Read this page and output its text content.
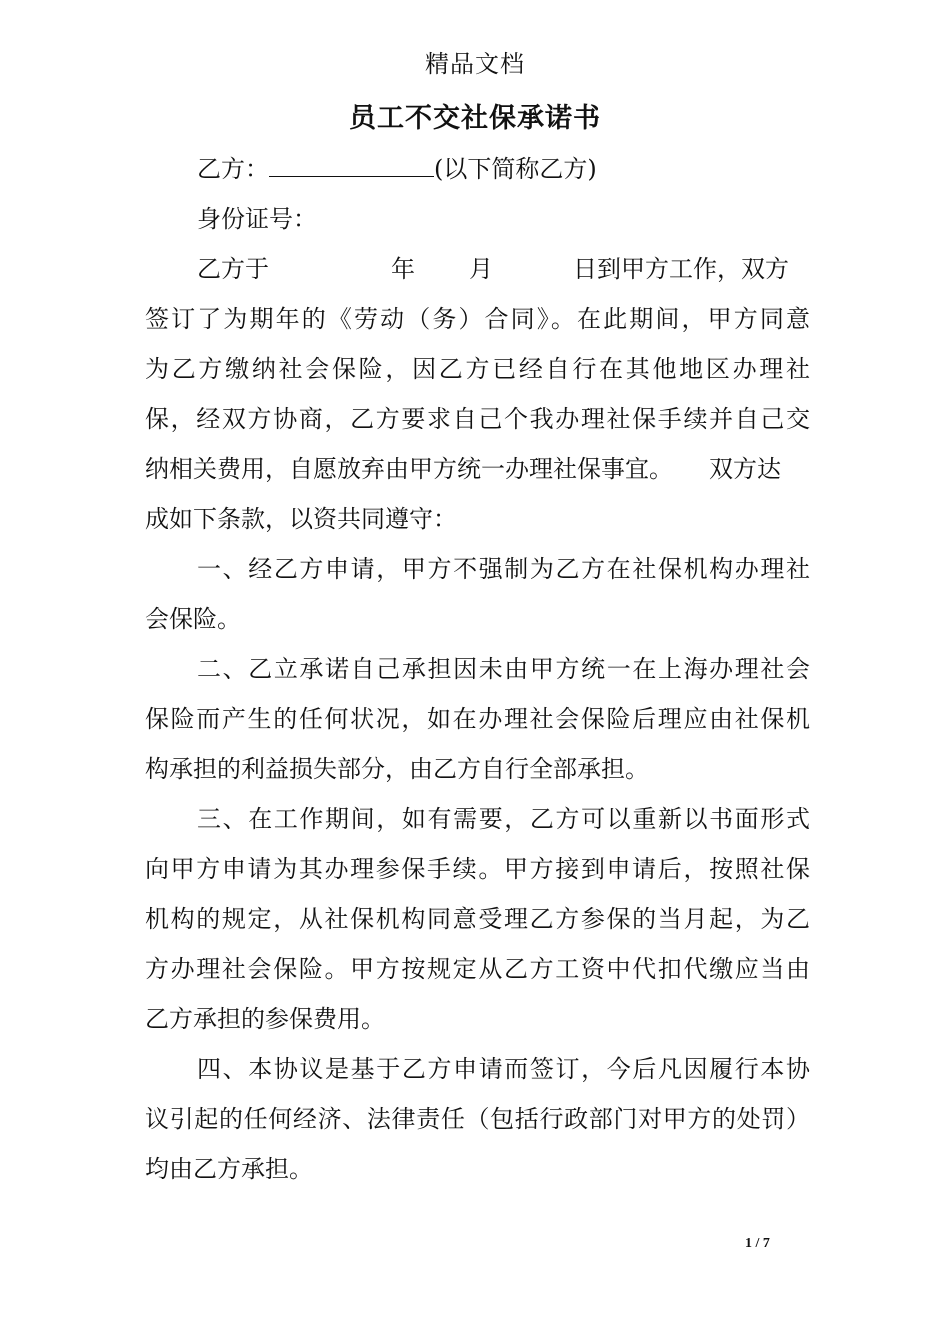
精品文档
员工不交社保承诺书
乙方：	(以下简称乙方)
身份证号：
乙方于	年 月	日到甲方工作，双方
签订了为期年的《劳动（务）合同》。在此期间，甲方同意
为乙方缴纳社会保险，因乙方已经自行在其他地区办理社
保，经双方协商，乙方要求自己个我办理社保手续并自己交
纳相关费用，自愿放弃由甲方统一办理社保事宜。 双方达
成如下条款，以资共同遵守：
一、经乙方申请，甲方不强制为乙方在社保机构办理社
会保险。
二、乙立承诺自己承担因未由甲方统一在上海办理社会
保险而产生的任何状况，如在办理社会保险后理应由社保机
构承担的利益损失部分，由乙方自行全部承担。
三、在工作期间，如有需要，乙方可以重新以书面形式
向甲方申请为其办理参保手续。甲方接到申请后，按照社保
机构的规定，从社保机构同意受理乙方参保的当月起，为乙
方办理社会保险。甲方按规定从乙方工资中代扣代缴应当由
乙方承担的参保费用。
四、本协议是基于乙方申请而签订，今后凡因履行本协
议引起的任何经济、法律责任（包括行政部门对甲方的处罚）
均由乙方承担。
1 / 7
